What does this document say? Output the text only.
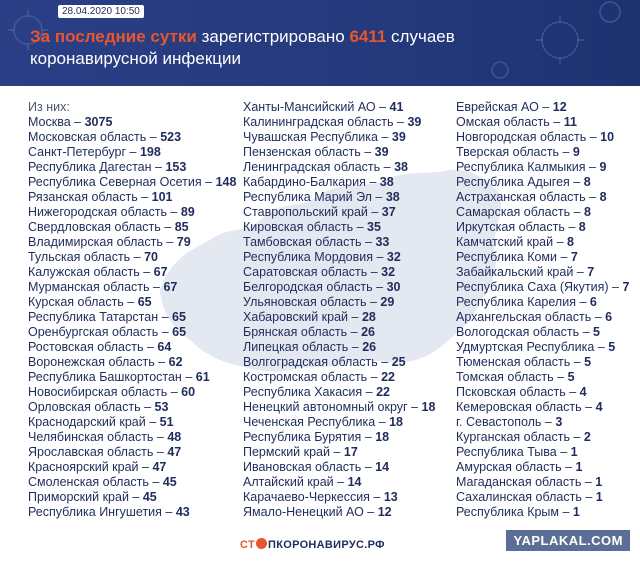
28.04.2020 10:50
За последние сутки зарегистрировано 6411 случаев
коронавирусной инфекции
Из них:
Москва – 3075
Московская область – 523
Санкт-Петербург – 198
Республика Дагестан – 153
Республика Северная Осетия – 148
Рязанская область – 101
Нижегородская область – 89
Свердловская область – 85
Владимирская область – 79
Тульская область – 70
Калужская область – 67
Мурманская область – 67
Курская область – 65
Республика Татарстан – 65
Оренбургская область – 65
Ростовская область – 64
Воронежская область – 62
Республика Башкортостан – 61
Новосибирская область – 60
Орловская область – 53
Краснодарский край – 51
Челябинская область – 48
Ярославская область – 47
Красноярский край – 47
Смоленская область – 45
Приморский край – 45
Республика Ингушетия – 43
Ханты-Мансийский АО – 41
Калининградская область – 39
Чувашская Республика – 39
Пензенская область – 39
Ленинградская область – 38
Кабардино-Балкария – 38
Республика Марий Эл – 38
Ставропольский край – 37
Кировская область – 35
Тамбовская область – 33
Республика Мордовия – 32
Саратовская область – 32
Белгородская область – 30
Ульяновская область – 29
Хабаровский край – 28
Брянская область – 26
Липецкая область – 26
Волгоградская область – 25
Костромская область – 22
Республика Хакасия – 22
Ненецкий автономный округ – 18
Чеченская Республика – 18
Республика Бурятия – 18
Пермский край – 17
Ивановская область – 14
Алтайский край – 14
Карачаево-Черкессия – 13
Ямало-Ненецкий АО – 12
Еврейская АО – 12
Омская область – 11
Новгородская область – 10
Тверская область – 9
Республика Калмыкия – 9
Республика Адыгея – 8
Астраханская область – 8
Самарская область – 8
Иркутская область – 8
Камчатский край – 8
Республика Коми – 7
Забайкальский край – 7
Республика Саха (Якутия) – 7
Республика Карелия – 6
Архангельская область – 6
Вологодская область – 5
Удмуртская Республика – 5
Тюменская область – 5
Томская область – 5
Псковская область – 4
Кемеровская область – 4
г. Севастополь – 3
Курганская область – 2
Республика Тыва – 1
Амурская область – 1
Магаданская область – 1
Сахалинская область – 1
Республика Крым – 1
СТ ПКОРОНАВИРУС.РФ	YAPLAKAL.COM
